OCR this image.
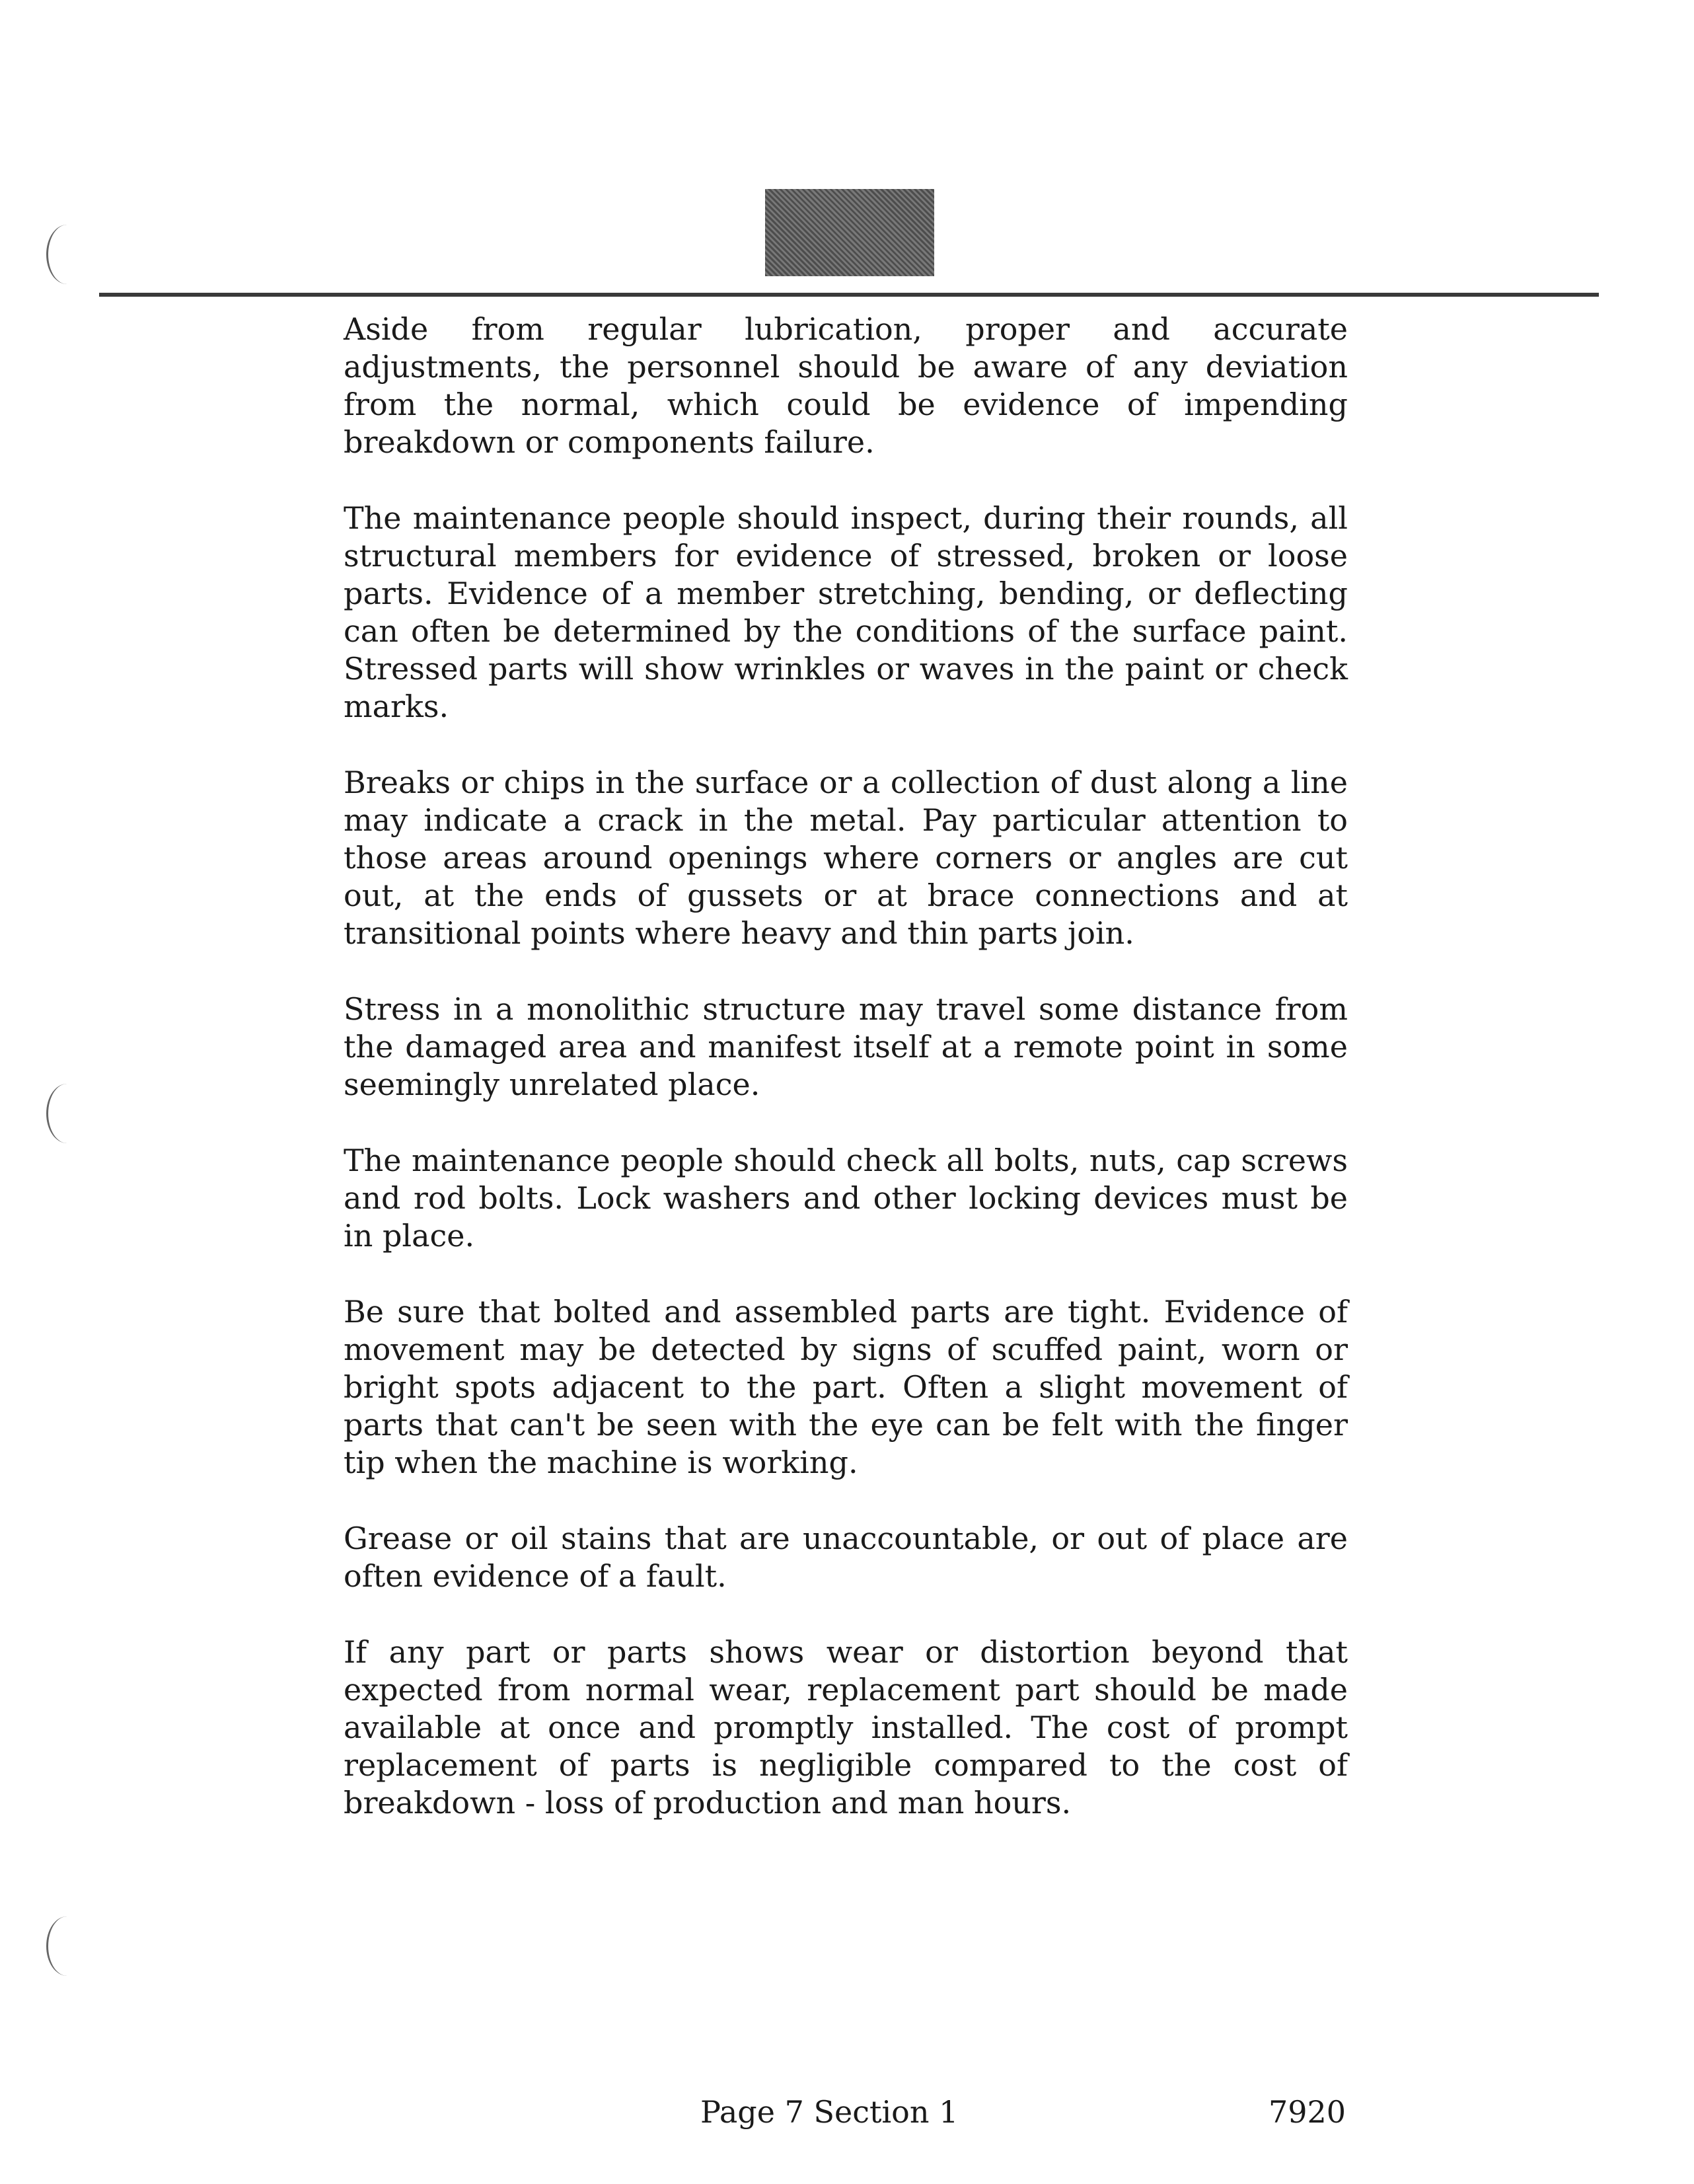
Aside from regular lubrication, proper and accurate adjustments, the personnel should be aware of any deviation from the normal, which could be evidence of impending breakdown or components failure.

The maintenance people should inspect, during their rounds, all structural members for evidence of stressed, broken or loose parts. Evidence of a member stretching, bending, or deflecting can often be determined by the conditions of the surface paint. Stressed parts will show wrinkles or waves in the paint or check marks.

Breaks or chips in the surface or a collection of dust along a line may indicate a crack in the metal. Pay particular attention to those areas around openings where corners or angles are cut out, at the ends of gussets or at brace connections and at transitional points where heavy and thin parts join.

Stress in a monolithic structure may travel some distance from the damaged area and manifest itself at a remote point in some seemingly unrelated place.

The maintenance people should check all bolts, nuts, cap screws and rod bolts. Lock washers and other locking devices must be in place.

Be sure that bolted and assembled parts are tight. Evidence of movement may be detected by signs of scuffed paint, worn or bright spots adjacent to the part. Often a slight movement of parts that can't be seen with the eye can be felt with the finger tip when the machine is working.

Grease or oil stains that are unaccountable, or out of place are often evidence of a fault.

If any part or parts shows wear or distortion beyond that expected from normal wear, replacement part should be made available at once and promptly installed. The cost of prompt replacement of parts is negligible compared to the cost of breakdown - loss of production and man hours.

Page 7 Section 1	7920
